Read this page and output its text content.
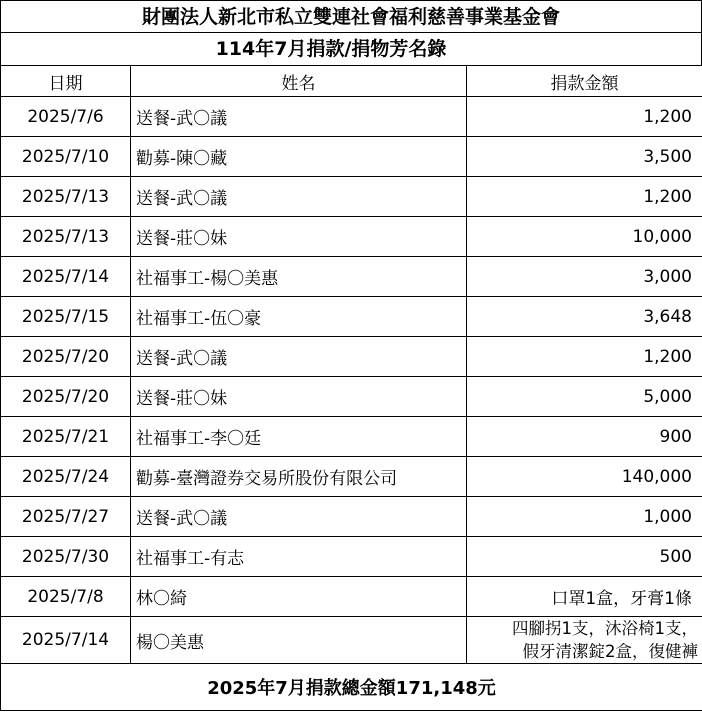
財團法人新北市私立雙連社會福利慈善事業基金會
114年7月捐款/捐物芳名錄
日期	姓名	捐款金額
2025/7/6	送餐-武〇議	1,200
2025/7/10	勸募-陳〇藏	3,500
2025/7/13	送餐-武〇議	1,200
2025/7/13	送餐-莊〇妹	10,000
2025/7/14	社福事工-楊〇美惠	3,000
2025/7/15	社福事工-伍〇豪	3,648
2025/7/20	送餐-武〇議	1,200
2025/7/20	送餐-莊〇妹	5,000
2025/7/21	社福事工-李〇廷	900
2025/7/24	勸募-臺灣證券交易所股份有限公司	140,000
2025/7/27	送餐-武〇議	1,000
2025/7/30	社福事工-有志	500
2025/7/8	林〇綺	口罩1盒，牙膏1條
2025/7/14	楊〇美惠	四腳拐1支，沐浴椅1支，
假牙清潔錠2盒，復健褲

2025年7月捐款總金額171,148元		
